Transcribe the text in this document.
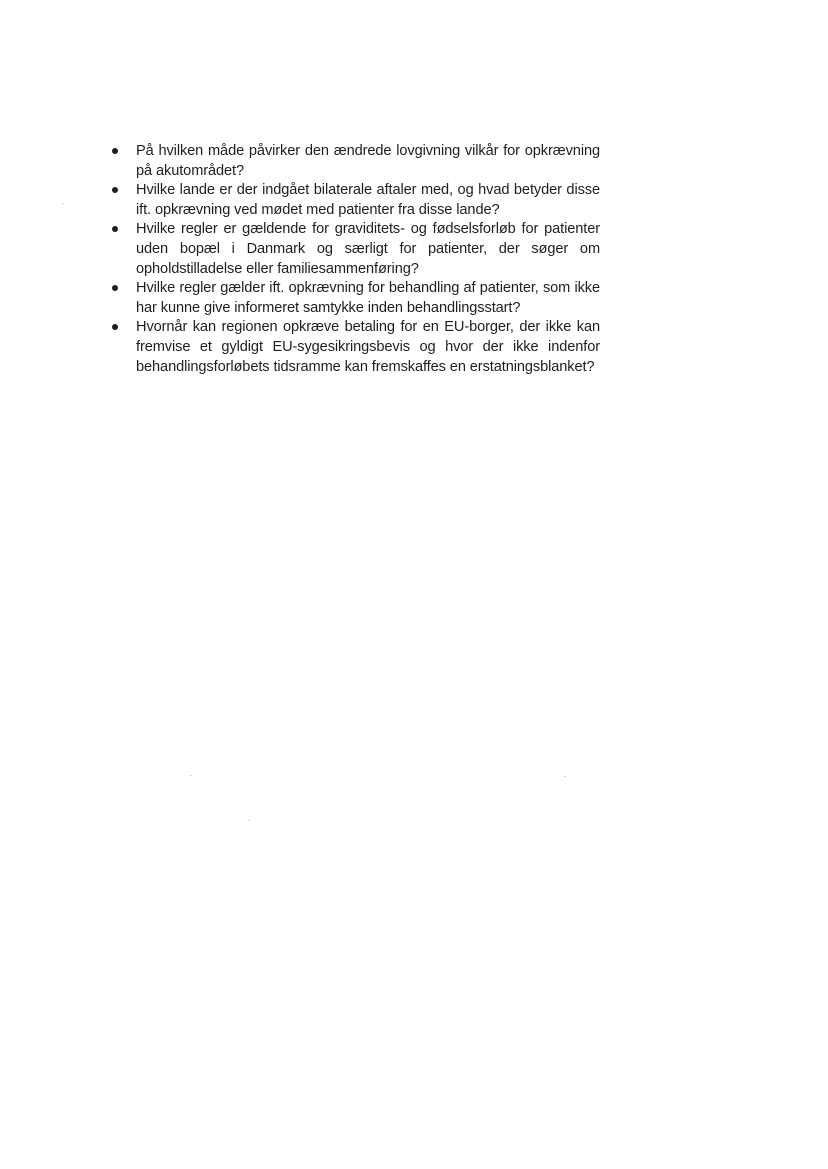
På hvilken måde påvirker den ændrede lovgivning vilkår for opkrævning på akutområdet?
Hvilke lande er der indgået bilaterale aftaler med, og hvad betyder disse ift. opkrævning ved mødet med patienter fra disse lande?
Hvilke regler er gældende for graviditets- og fødselsforløb for patienter uden bopæl i Danmark og særligt for patienter, der søger om opholdstilladelse eller familiesammenføring?
Hvilke regler gælder ift. opkrævning for behandling af patienter, som ikke har kunne give informeret samtykke inden behandlingsstart?
Hvornår kan regionen opkræve betaling for en EU-borger, der ikke kan fremvise et gyldigt EU-sygesikringsbevis og hvor der ikke indenfor behandlingsforløbets tidsramme kan fremskaffes en erstatningsblanket?
